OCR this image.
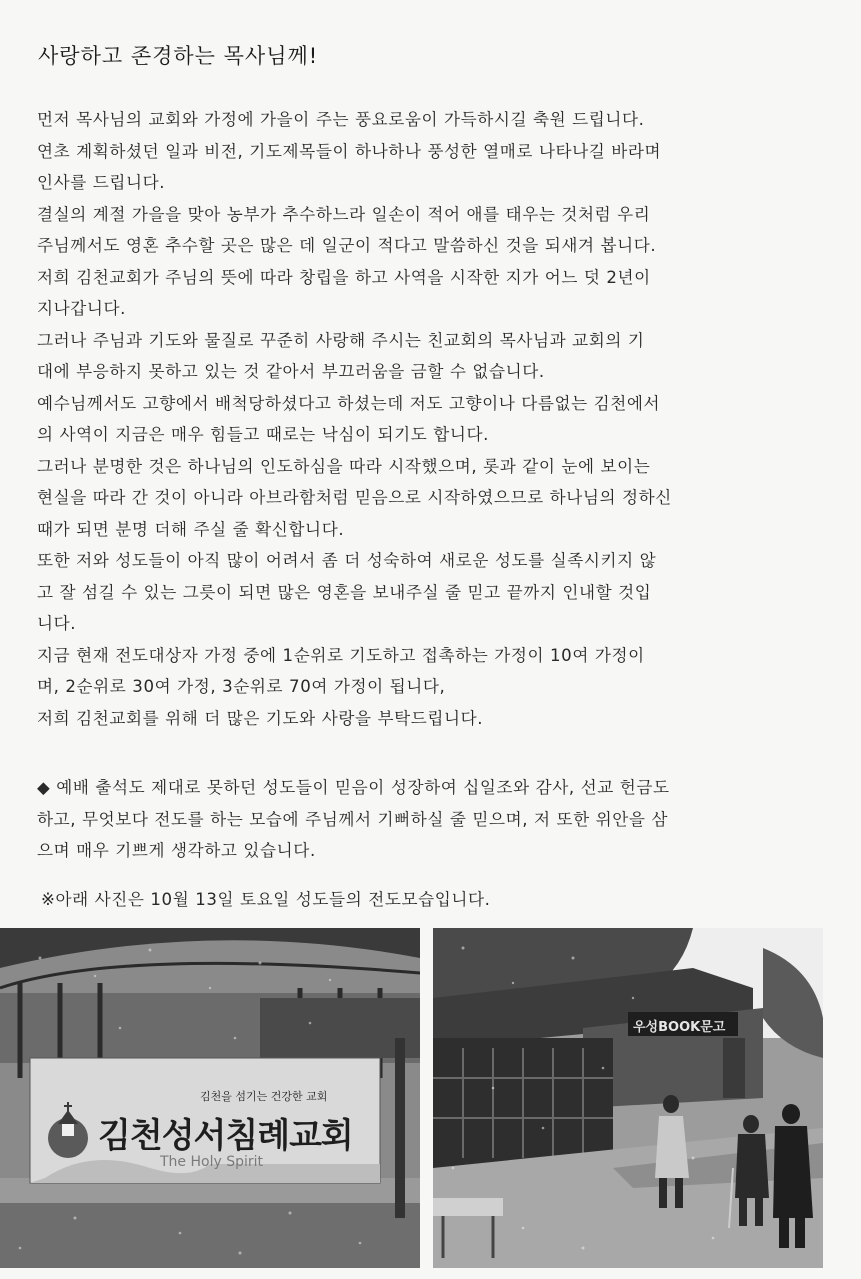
사랑하고 존경하는 목사님께!
먼저 목사님의 교회와 가정에 가을이 주는 풍요로움이 가득하시길 축원 드립니다.
연초 계획하셨던 일과 비전, 기도제목들이 하나하나 풍성한 열매로 나타나길 바라며
인사를 드립니다.
결실의 계절 가을을 맞아 농부가 추수하느라 일손이 적어 애를 태우는 것처럼 우리
주님께서도 영혼 추수할 곳은 많은 데 일군이 적다고 말씀하신 것을 되새겨 봅니다.
저희 김천교회가 주님의 뜻에 따라 창립을 하고 사역을 시작한 지가 어느 덧 2년이
지나갑니다.
그러나 주님과 기도와 물질로 꾸준히 사랑해 주시는 친교회의 목사님과 교회의 기
대에 부응하지 못하고 있는 것 같아서 부끄러움을 금할 수 없습니다.
예수님께서도 고향에서 배척당하셨다고 하셨는데 저도 고향이나 다름없는 김천에서
의 사역이 지금은 매우 힘들고 때로는 낙심이 되기도 합니다.
그러나 분명한 것은 하나님의 인도하심을 따라 시작했으며, 롯과 같이 눈에 보이는
현실을 따라 간 것이 아니라 아브라함처럼 믿음으로 시작하였으므로 하나님의 정하신
때가 되면 분명 더해 주실 줄 확신합니다.
또한 저와 성도들이 아직 많이 어려서 좀 더 성숙하여 새로운 성도를 실족시키지 않
고 잘 섬길 수 있는 그릇이 되면 많은 영혼을 보내주실 줄 믿고 끝까지 인내할 것입
니다.
지금 현재 전도대상자 가정 중에 1순위로 기도하고 접촉하는 가정이 10여 가정이
며, 2순위로 30여 가정, 3순위로 70여 가정이 됩니다,
저희 김천교회를 위해 더 많은 기도와 사랑을 부탁드립니다.
◆ 예배 출석도 제대로 못하던 성도들이 믿음이 성장하여 십일조와 감사, 선교 헌금도
하고, 무엇보다 전도를 하는 모습에 주님께서 기뻐하실 줄 믿으며, 저 또한 위안을 삼
으며 매우 기쁘게 생각하고 있습니다.
※아래 사진은 10월 13일 토요일 성도들의 전도모습입니다.
김천을 섬기는 건강한 교회
김천성서침례교회
The Holy Spirit
우성BOOK문고
